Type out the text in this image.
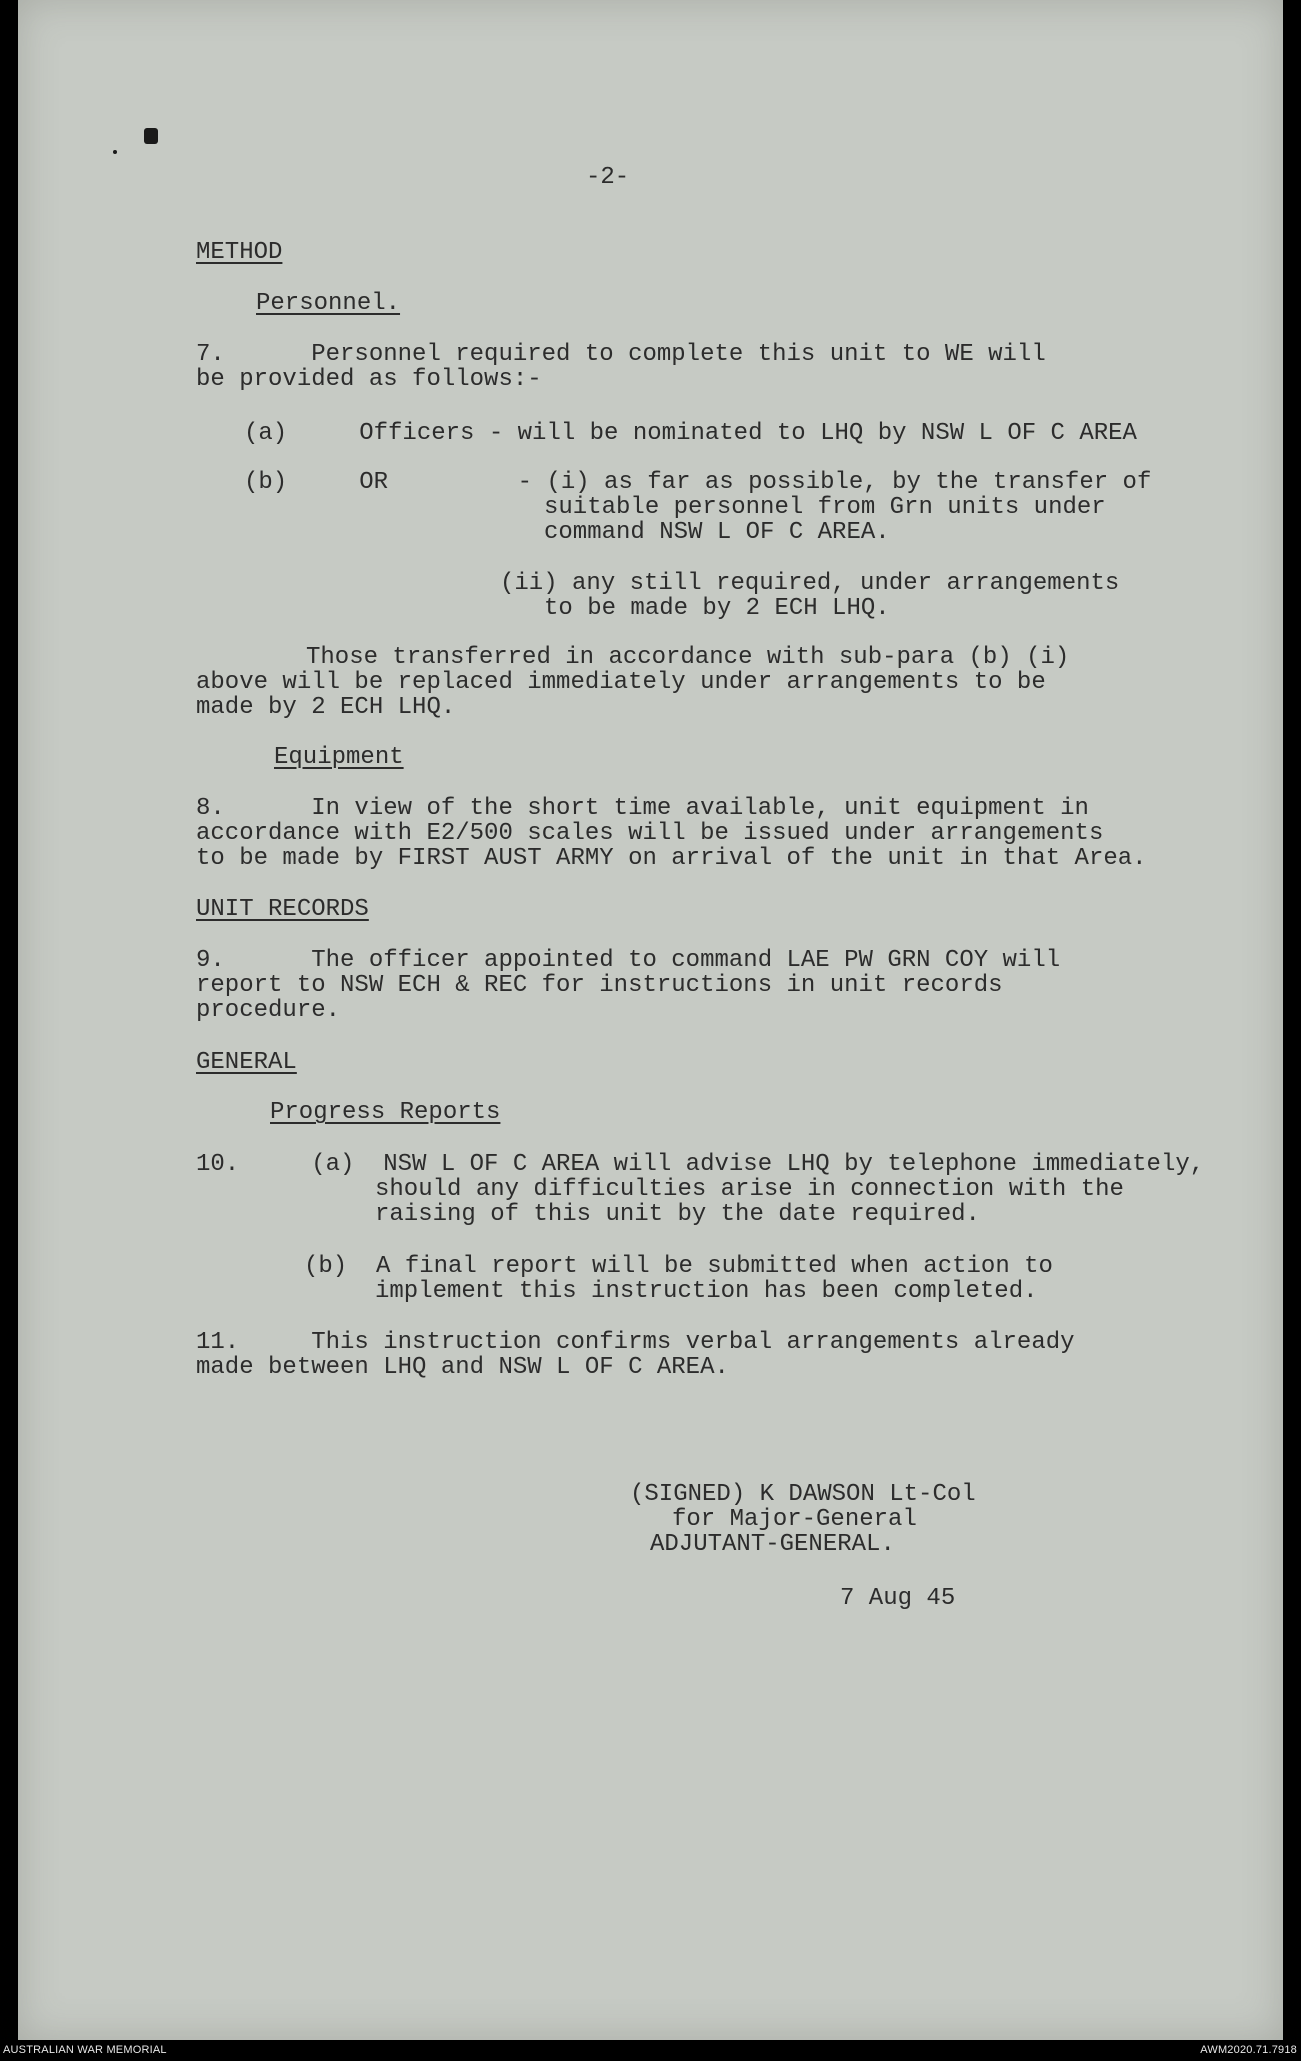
-2-

METHOD

Personnel.

7.      Personnel required to complete this unit to WE will

be provided as follows:-

(a)     Officers - will be nominated to LHQ by NSW L OF C AREA

(b)     OR         - (i) as far as possible, by the transfer of

suitable personnel from Grn units under

command NSW L OF C AREA.

(ii) any still required, under arrangements

to be made by 2 ECH LHQ.

Those transferred in accordance with sub-para (b) (i)

above will be replaced immediately under arrangements to be

made by 2 ECH LHQ.

Equipment

8.      In view of the short time available, unit equipment in

accordance with E2/500 scales will be issued under arrangements

to be made by FIRST AUST ARMY on arrival of the unit in that Area.

UNIT RECORDS

9.      The officer appointed to command LAE PW GRN COY will

report to NSW ECH & REC for instructions in unit records

procedure.

GENERAL

Progress Reports

10.     (a)  NSW L OF C AREA will advise LHQ by telephone immediately,

should any difficulties arise in connection with the

raising of this unit by the date required.

(b)  A final report will be submitted when action to

implement this instruction has been completed.

11.     This instruction confirms verbal arrangements already

made between LHQ and NSW L OF C AREA.

(SIGNED) K DAWSON Lt-Col

for Major-General

ADJUTANT-GENERAL.

7 Aug 45

AUSTRALIAN WAR MEMORIAL	AWM2020.71.7918
